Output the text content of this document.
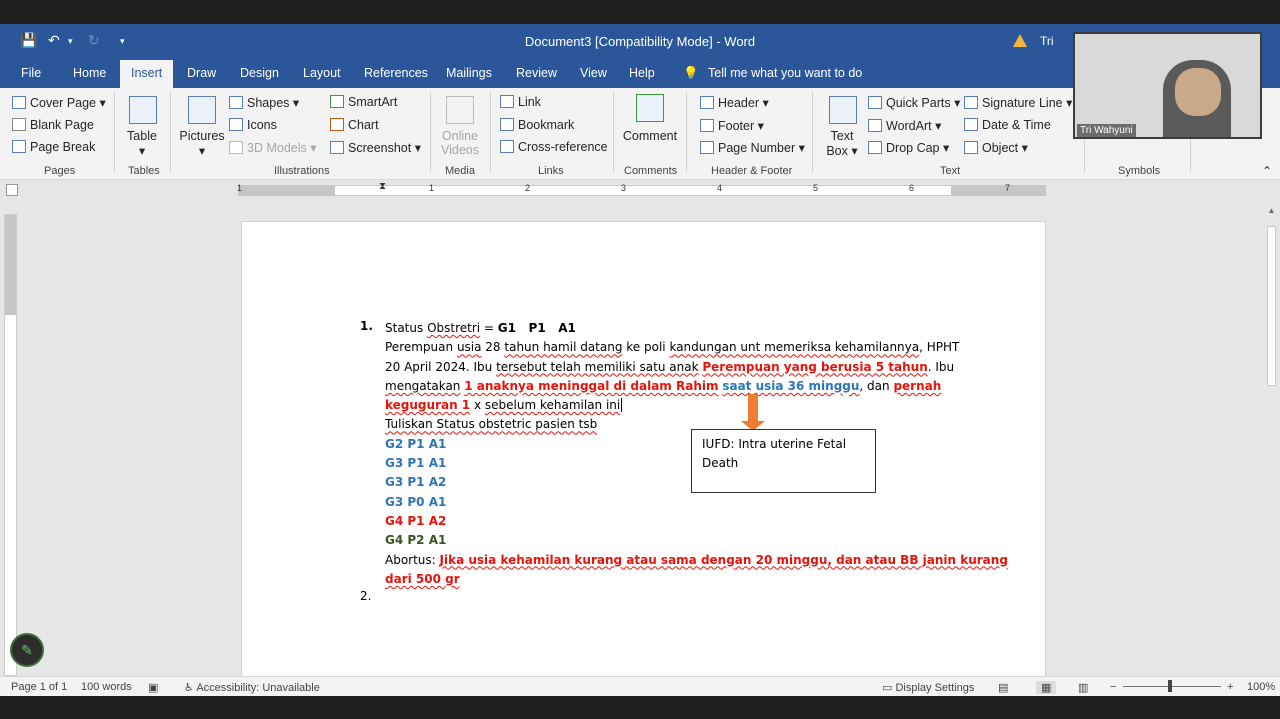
💾 ↶ ▾ ↻ ▾	Document3 [Compatibility Mode] - Word	Tri
File	Home	Insert	Draw Design Layout References Mailings Review View Help 💡 Tell me what you want to do
Cover Page ▾
Blank Page
Page Break
Pages
Table
▾
Tables
Pictures
▾
Shapes ▾
Icons
3D Models ▾
SmartArt
Chart
Screenshot ▾
Illustrations
Online
Videos
Media
Link
Bookmark
Cross-reference
Links
Comment
Comments
Header ▾
Footer ▾
Page Number ▾
Header & Footer
Text
Box ▾
Quick Parts ▾
WordArt ▾
Drop Cap ▾
Signature Line ▾
Date & Time
Object ▾
Text	Symbols	⌃
1	1	2	3	4	5	6	7
⧗
1. Status Obstretri = G1   P1   A1
Perempuan usia 28 tahun hamil datang ke poli kandungan unt memeriksa kehamilannya, HPHT
20 April 2024. Ibu tersebut telah memiliki satu anak Perempuan yang berusia 5 tahun. Ibu
mengatakan 1 anaknya meninggal di dalam Rahim saat usia 36 minggu, dan pernah
keguguran 1 x sebelum kehamilan ini
Tuliskan Status obstetric pasien tsb
G2 P1 A1
G3 P1 A1
G3 P1 A2
G3 P0 A1
G4 P1 A2
G4 P2 A1
Abortus: Jika usia kehamilan kurang atau sama dengan 20 minggu, dan atau BB janin kurang
dari 500 gr
2.
IUFD: Intra uterine Fetal Death
▲
✎
Page 1 of 1 100 words ▣ ♿ Accessibility: Unavailable	▭ Display Settings ▤	▦	▥ −	+ 100%
Tri Wahyuni
